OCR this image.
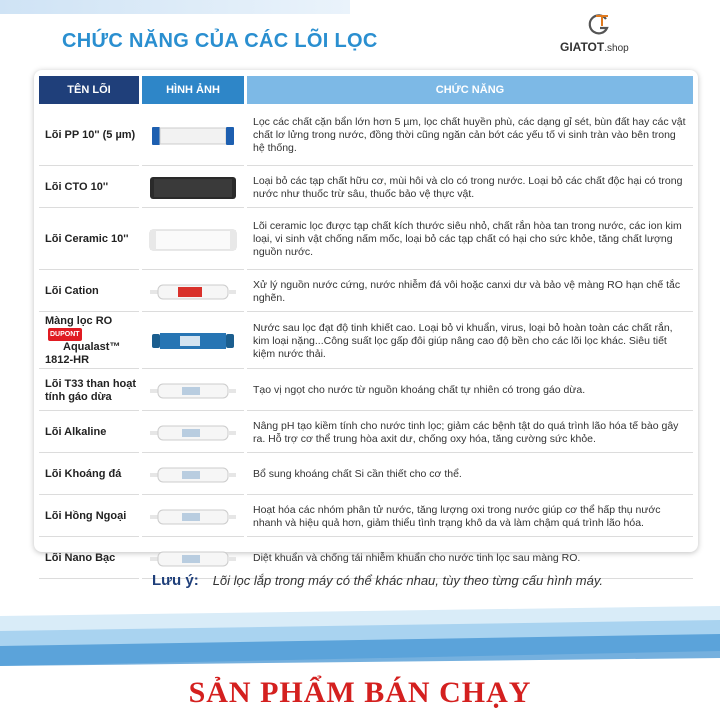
CHỨC NĂNG CỦA CÁC LÕI LỌC	GIATOT.shop
TÊN LÕI	HÌNH ẢNH	CHỨC NĂNG
Lõi PP 10'' (5 µm)		Lọc các chất cặn bẩn lớn hơn 5 µm, lọc chất huyền phù, các dạng gỉ sét, bùn đất hay các vật chất lơ lửng trong nước, đồng thời cũng ngăn cản bớt các yếu tố vi sinh tràn vào bên trong hệ thống.
Lõi CTO 10''		Loại bỏ các tạp chất hữu cơ, mùi hôi và clo có trong nước. Loại bỏ các chất độc hại có trong nước như thuốc trừ sâu, thuốc bảo vệ thực vật.
Lõi Ceramic 10''		Lõi ceramic lọc được tạp chất kích thước siêu nhỏ, chất rắn hòa tan trong nước, các ion kim loại, vi sinh vật chống nấm mốc, loại bỏ các tạp chất có hại cho sức khỏe, tăng chất lượng nguồn nước.
Lõi Cation		Xử lý nguồn nước cứng, nước nhiễm đá vôi hoặc canxi dư và bảo vệ màng RO hạn chế tắc nghẽn.

Màng lọc RODUPONT
Aqualast™
1812-HR		Nước sau lọc đạt độ tinh khiết cao. Loại bỏ vi khuẩn, virus, loại bỏ hoàn toàn các chất rắn, kim loại nặng...Công suất lọc gấp đôi giúp nâng cao độ bền cho các lõi lọc khác. Siêu tiết kiệm nước thải.
Lõi T33 than hoạt tính gáo dừa		Tạo vị ngọt cho nước từ nguồn khoáng chất tự nhiên có trong gáo dừa.
Lõi Alkaline		Nâng pH tạo kiềm tính cho nước tinh lọc; giảm các bệnh tật do quá trình lão hóa tế bào gây ra. Hỗ trợ cơ thể trung hòa axit dư, chống oxy hóa, tăng cường sức khỏe.
Lõi Khoáng đá		Bổ sung khoáng chất Si cần thiết cho cơ thể.
Lõi Hồng Ngoại		Hoạt hóa các nhóm phân tử nước, tăng lượng oxi trong nước giúp cơ thể hấp thụ nước nhanh và hiệu quả hơn, giảm thiểu tình trạng khô da và làm chậm quá trình lão hóa.
Lõi Nano Bạc		Diệt khuẩn và chống tái nhiễm khuẩn cho nước tinh lọc sau màng RO.
Lưu ý: Lõi lọc lắp trong máy có thể khác nhau, tùy theo từng cấu hình máy.
SẢN PHẨM BÁN CHẠY
